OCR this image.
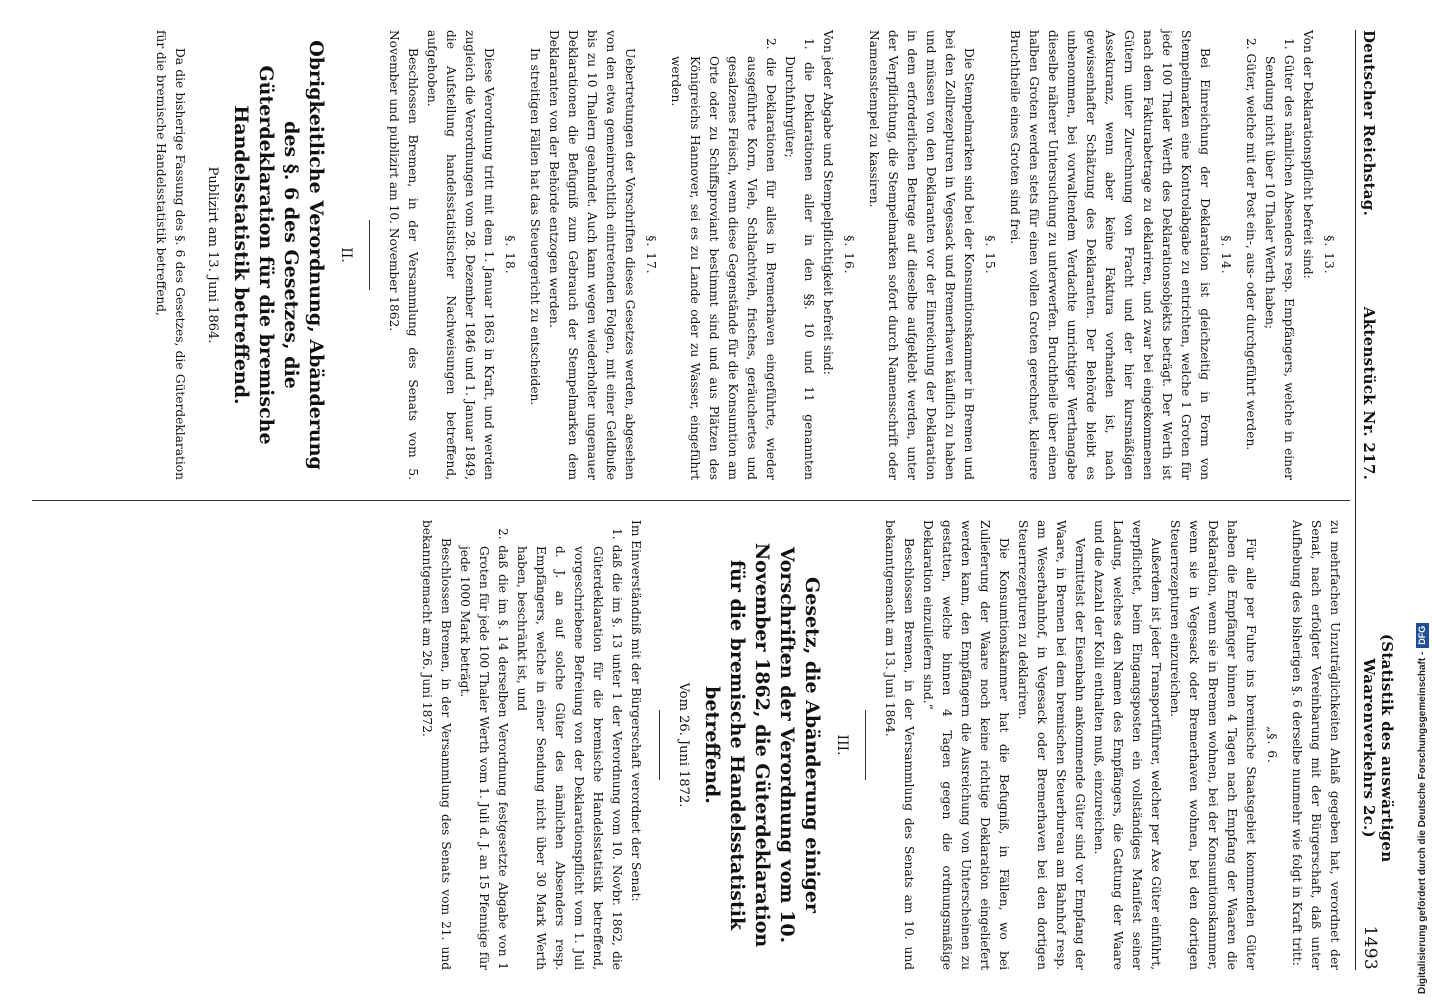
Deutscher Reichstag.
Aktenstück Nr. 217.
(Statistik des auswärtigen Waarenverkehrs 2c.)
1493
§. 13.

Von der Deklarationspflicht befreit sind:

1. Güter des nämlichen Absenders resp. Empfängers, welche in einer Sendung nicht über 10 Thaler Werth haben;

2. Güter, welche mit der Post ein-, aus- oder durchgeführt werden.

§. 14.

Bei Einreichung der Deklaration ist gleichzeitig in Form von Stempelmarken eine Kontrolabgabe zu entrichten, welche 1 Groten für jede 100 Thaler Werth des Deklarationsobjekts beträgt. Der Werth ist nach dem Fakturabetrage zu deklariren, und zwar bei eingekommenen Gütern unter Zurechnung von Fracht und der hier kursmäßigen Assekuranz, wenn aber keine Faktura vorhanden ist, nach gewissenhafter Schätzung des Deklaranten. Der Behörde bleibt es unbenommen, bei vorwaltendem Verdachte unrichtiger Werthangabe dieselbe näherer Untersuchung zu unterwerfen. Bruchtheile über einen halben Groten werden stets für einen vollen Groten gerechnet, kleinere Bruchtheile eines Groten sind frei.

§. 15.

Die Stempelmarken sind bei der Konsumtionskammer in Bremen und bei den Zollrezepturen in Vegesack und Bremerhaven käuflich zu haben und müssen von den Deklaranten vor der Einreichung der Deklaration in dem erforderlichen Betrage auf dieselbe aufgeklebt werden, unter der Verpflichtung, die Stempelmarken sofort durch Namensschrift oder Namensstempel zu kassiren.

§. 16.

Von jeder Abgabe und Stempelpflichtigkeit befreit sind:

1. die Deklarationen aller in den §§. 10 und 11 genannten Durchfuhrgüter;

2. die Deklarationen für alles in Bremerhaven eingeführte, wieder ausgeführte Korn, Vieh, Schlachtvieh, frisches, geräuchertes und gesalzenes Fleisch, wenn diese Gegenstände für die Konsumtion am Orte oder zu Schiffsproviant bestimmt sind und aus Plätzen des Königreichs Hannover, sei es zu Lande oder zu Wasser, eingeführt werden.

§. 17.

Uebertretungen der Vorschriften dieses Gesetzes werden, abgesehen von den etwa gemeinrechtlich eintretenden Folgen, mit einer Geldbuße bis zu 10 Thalern geahndet. Auch kann wegen wiederholter ungenauer Deklarationen die Befugniß zum Gebrauch der Stempelmarken dem Deklaranten von der Behörde entzogen werden.

In streitigen Fällen hat das Steuergericht zu entscheiden.

§. 18.

Diese Verordnung tritt mit dem 1. Januar 1863 in Kraft, und werden zugleich die Verordnungen vom 28. Dezember 1846 und 1. Januar 1849, die Aufstellung handelsstatistischer Nachweisungen betreffend, aufgehoben.

Beschlossen Bremen, in der Versammlung des Senats vom 5. November und publizirt am 10. November 1862.

II.
Obrigkeitliche Verordnung, Abänderung des §. 6 des Gesetzes, die Güterdeklaration für die bremische Handelsstatistik betreffend.
Publizirt am 13. Juni 1864.

Da die bisherige Fassung des §. 6 des Gesetzes, die Güterdeklaration für die bremische Handelsstatistik betreffend,

zu mehrfachen Unzuträglichkeiten Anlaß gegeben hat, verordnet der Senat, nach erfolgter Vereinbarung mit der Bürgerschaft, daß unter Aufhebung des bisherigen §. 6 derselbe nunmehr wie folgt in Kraft tritt:

„§. 6.

Für alle per Fuhre ins bremische Staatsgebiet kommenden Güter haben die Empfänger binnen 4 Tagen nach Empfang der Waaren die Deklaration, wenn sie in Bremen wohnen, bei der Konsumtionskammer, wenn sie in Vegesack oder Bremerhaven wohnen, bei den dortigen Steuerrezepturen einzureichen.

Außerdem ist jeder Transportführer, welcher per Axe Güter einführt, verpflichtet, beim Eingangsposten ein vollständiges Manifest seiner Ladung, welches den Namen des Empfängers, die Gattung der Waare und die Anzahl der Kolli enthalten muß, einzureichen.

Vermittelst der Eisenbahn ankommende Güter sind vor Empfang der Waare, in Bremen bei dem bremischen Steuerbureau am Bahnhof resp. am Weserbahnhof, in Vegesack oder Bremerhaven bei den dortigen Steuerrezepturen zu deklariren.

Die Konsumtionskammer hat die Befugniß, in Fällen, wo bei Zulieferung der Waare noch keine richtige Deklaration eingeliefert werden kann, den Empfängern die Ausreichung von Unterscheinen zu gestatten, welche binnen 4 Tagen gegen die ordnungsmäßige Deklaration einzuliefern sind.“

Beschlossen Bremen, in der Versammlung des Senats am 10. und bekanntgemacht am 13. Juni 1864.

III.
Gesetz, die Abänderung einiger Vorschriften der Verordnung vom 10. November 1862, die Güterdeklaration für die bremische Handelsstatistik betreffend.
Vom 26. Juni 1872.

Im Einverständniß mit der Bürgerschaft verordnet der Senat:

1. daß die im §. 13 unter 1 der Verordnung vom 10. Novbr. 1862, die Güterdeklaration für die bremische Handelsstatistik betreffend, vorgeschriebene Befreiung von der Deklarationspflicht vom 1. Juli d. J. an auf solche Güter des nämlichen Absenders resp. Empfängers, welche in einer Sendung nicht über 30 Mark Werth haben, beschränkt ist, und

2. daß die im §. 14 derselben Verordnung festgesetzte Abgabe von 1 Groten für jede 100 Thaler Werth vom 1. Juli d. J. an 15 Pfennige für jede 1000 Mark beträgt.

Beschlossen Bremen, in der Versammlung des Senats vom 21. und bekanntgemacht am 26. Juni 1872.

Digitalisierung gefördert durch die Deutsche Forschungsgemeinschaft -DFG
